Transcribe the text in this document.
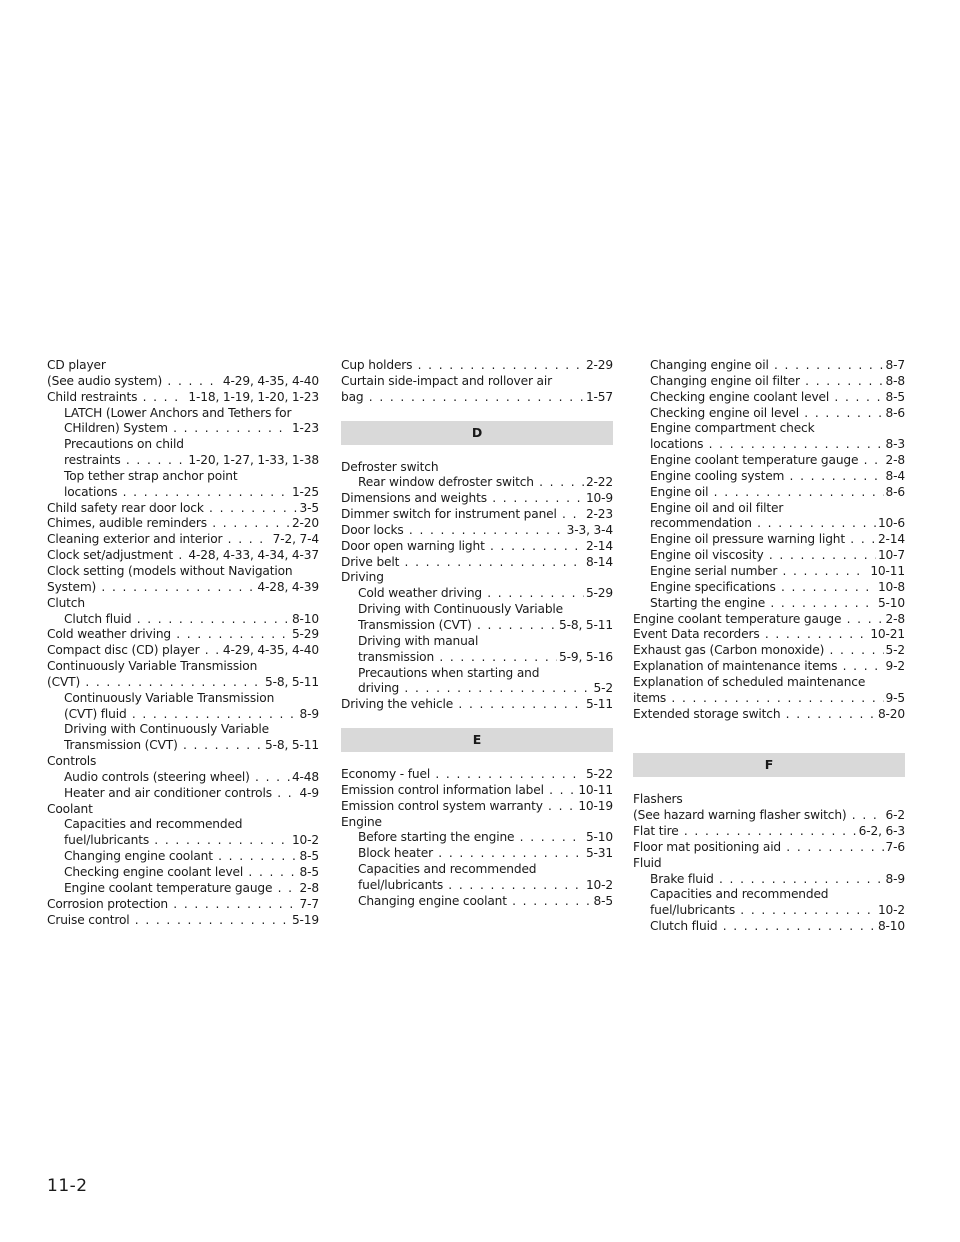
CD player
(See audio system) . . .	4-29, 4-35, 4-40
Child restraints . . .	1-18, 1-19, 1-20, 1-23
LATCH (Lower Anchors and Tethers for
CHildren) System . . .	1-23
Precautions on child
restraints . . .	1-20, 1-27, 1-33, 1-38
Top tether strap anchor point
locations . . .	1-25
Child safety rear door lock . . .	3-5
Chimes, audible reminders . . .	2-20
Cleaning exterior and interior . . .	7-2, 7-4
Clock set/adjustment . . .	4-28, 4-33, 4-34, 4-37
Clock setting (models without Navigation
System) . . .	4-28, 4-39
Clutch
Clutch fluid . . .	8-10
Cold weather driving . . .	5-29
Compact disc (CD) player . . .	4-29, 4-35, 4-40
Continuously Variable Transmission
(CVT) . . .	5-8, 5-11
Continuously Variable Transmission
(CVT) fluid . . .	8-9
Driving with Continuously Variable
Transmission (CVT) . . .	5-8, 5-11
Controls
Audio controls (steering wheel) . . .	4-48
Heater and air conditioner controls . . .	4-9
Coolant
Capacities and recommended
fuel/lubricants . . .	10-2
Changing engine coolant . . .	8-5
Checking engine coolant level . . .	8-5
Engine coolant temperature gauge . . .	2-8
Corrosion protection . . .	7-7
Cruise control . . .	5-19
Cup holders . . .	2-29
Curtain side-impact and rollover air
bag . . .	1-57
D
Defroster switch
Rear window defroster switch . . .	2-22
Dimensions and weights . . .	10-9
Dimmer switch for instrument panel . . .	2-23
Door locks . . .	3-3, 3-4
Door open warning light . . .	2-14
Drive belt . . .	8-14
Driving
Cold weather driving . . .	5-29
Driving with Continuously Variable
Transmission (CVT) . . .	5-8, 5-11
Driving with manual
transmission . . .	5-9, 5-16
Precautions when starting and
driving . . .	5-2
Driving the vehicle . . .	5-11
E
Economy - fuel . . .	5-22
Emission control information label . . .	10-11
Emission control system warranty . . .	10-19
Engine
Before starting the engine . . .	5-10
Block heater . . .	5-31
Capacities and recommended
fuel/lubricants . . .	10-2
Changing engine coolant . . .	8-5
Changing engine oil . . .	8-7
Changing engine oil filter . . .	8-8
Checking engine coolant level . . .	8-5
Checking engine oil level . . .	8-6
Engine compartment check
locations . . .	8-3
Engine coolant temperature gauge . . .	2-8
Engine cooling system . . .	8-4
Engine oil . . .	8-6
Engine oil and oil filter
recommendation . . .	10-6
Engine oil pressure warning light . . .	2-14
Engine oil viscosity . . .	10-7
Engine serial number . . .	10-11
Engine specifications . . .	10-8
Starting the engine . . .	5-10
Engine coolant temperature gauge . . .	2-8
Event Data recorders . . .	10-21
Exhaust gas (Carbon monoxide) . . .	5-2
Explanation of maintenance items . . .	9-2
Explanation of scheduled maintenance
items . . .	9-5
Extended storage switch . . .	8-20
F
Flashers
(See hazard warning flasher switch) . . .	6-2
Flat tire . . .	6-2, 6-3
Floor mat positioning aid . . .	7-6
Fluid
Brake fluid . . .	8-9
Capacities and recommended
fuel/lubricants . . .	10-2
Clutch fluid . . .	8-10
11-2
